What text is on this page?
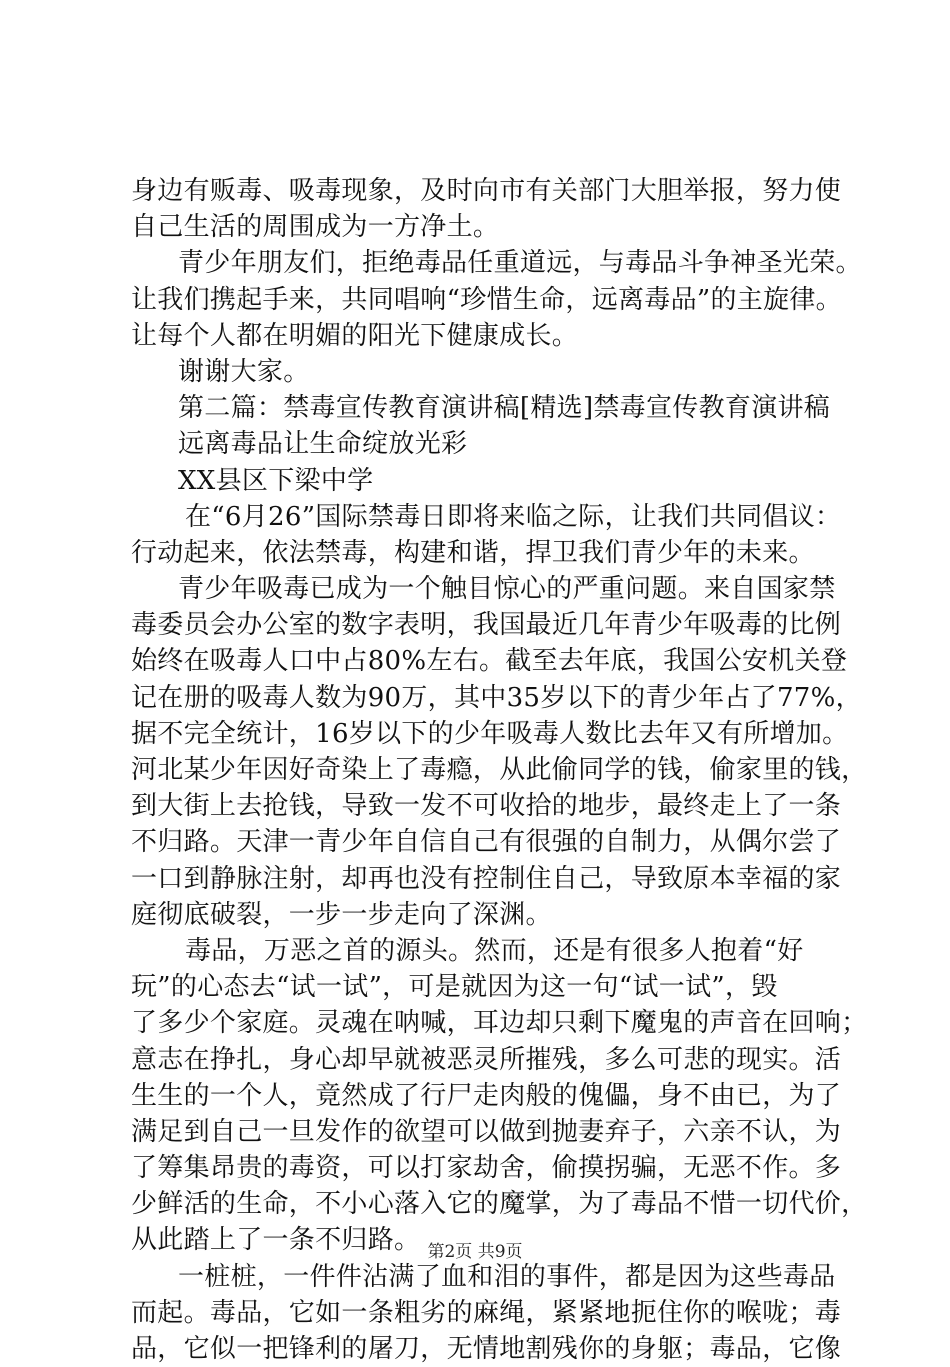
身边有贩毒、吸毒现象，及时向市有关部门大胆举报，努力使
自己生活的周围成为一方净土。
青少年朋友们，拒绝毒品任重道远，与毒品斗争神圣光荣。
让我们携起手来，共同唱响“珍惜生命，远离毒品”的主旋律。
让每个人都在明媚的阳光下健康成长。
谢谢大家。
第二篇：禁毒宣传教育演讲稿[精选]禁毒宣传教育演讲稿
远离毒品让生命绽放光彩
XX县区下梁中学
在“6月26”国际禁毒日即将来临之际，让我们共同倡议：
行动起来，依法禁毒，构建和谐，捍卫我们青少年的未来。
青少年吸毒已成为一个触目惊心的严重问题。来自国家禁
毒委员会办公室的数字表明，我国最近几年青少年吸毒的比例
始终在吸毒人口中占80%左右。截至去年底，我国公安机关登
记在册的吸毒人数为90万，其中35岁以下的青少年占了77%，
据不完全统计，16岁以下的少年吸毒人数比去年又有所增加。
河北某少年因好奇染上了毒瘾，从此偷同学的钱，偷家里的钱，
到大街上去抢钱，导致一发不可收拾的地步，最终走上了一条
不归路。天津一青少年自信自己有很强的自制力，从偶尔尝了
一口到静脉注射，却再也没有控制住自己，导致原本幸福的家
庭彻底破裂，一步一步走向了深渊。
毒品，万恶之首的源头。然而，还是有很多人抱着“好
玩”的心态去“试一试”，可是就因为这一句“试一试”，毁
了多少个家庭。灵魂在呐喊，耳边却只剩下魔鬼的声音在回响；
意志在挣扎，身心却早就被恶灵所摧残，多么可悲的现实。活
生生的一个人，竟然成了行尸走肉般的傀儡，身不由已，为了
满足到自己一旦发作的欲望可以做到抛妻弃子，六亲不认，为
了筹集昂贵的毒资，可以打家劫舍，偷摸拐骗，无恶不作。多
少鲜活的生命，不小心落入它的魔掌，为了毒品不惜一切代价，
从此踏上了一条不归路。
一桩桩，一件件沾满了血和泪的事件，都是因为这些毒品
而起。毒品，它如一条粗劣的麻绳，紧紧地扼住你的喉咙；毒
品，它似一把锋利的屠刀，无情地割残你的身躯；毒品，它像
第2页 共9页
